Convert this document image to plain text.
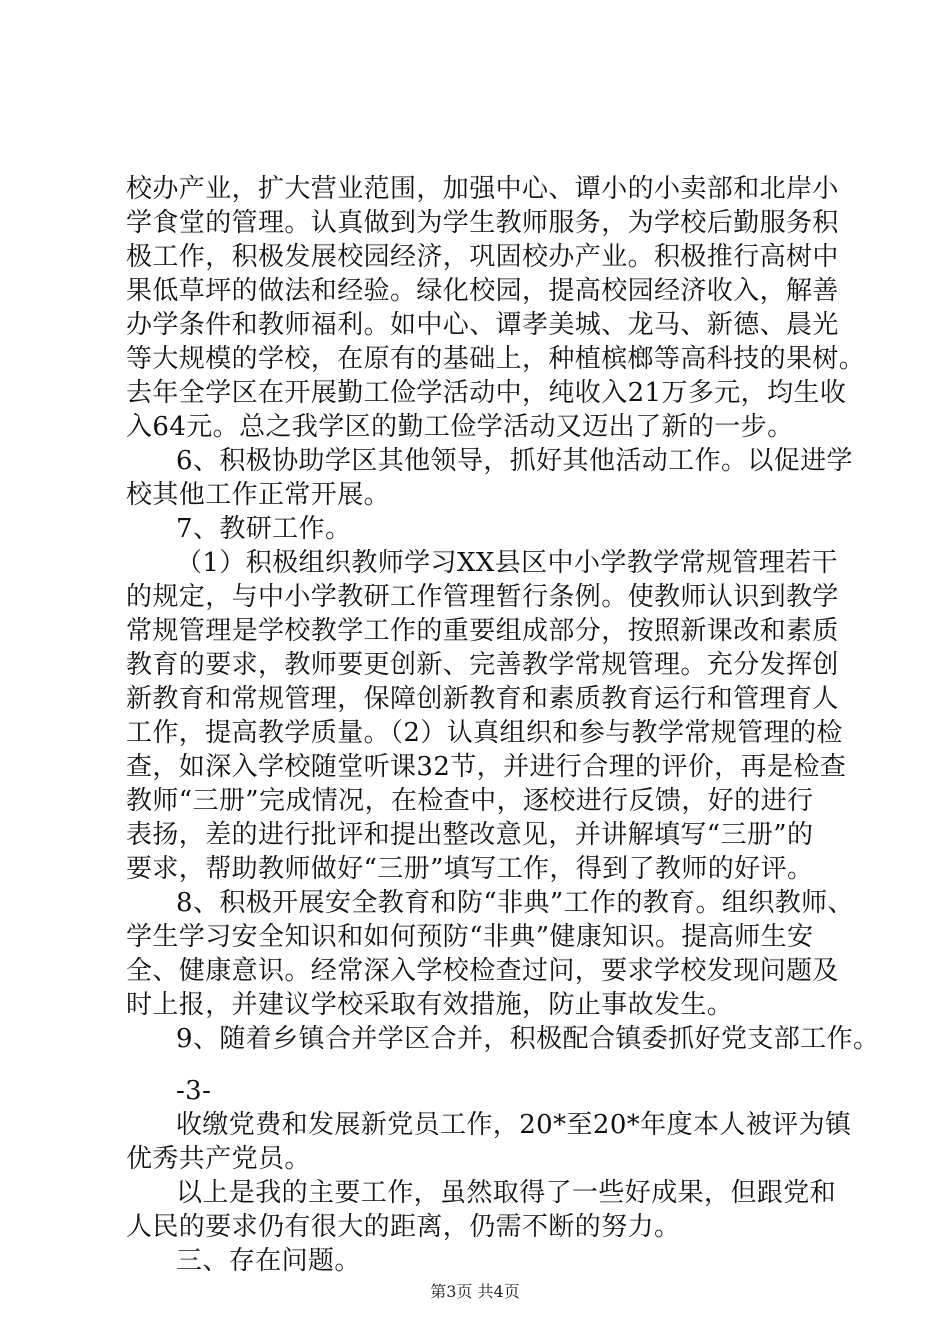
校办产业，扩大营业范围，加强中心、谭小的小卖部和北岸小
学食堂的管理。认真做到为学生教师服务，为学校后勤服务积
极工作，积极发展校园经济，巩固校办产业。积极推行高树中
果低草坪的做法和经验。绿化校园，提高校园经济收入，解善
办学条件和教师福利。如中心、谭孝美城、龙马、新德、晨光
等大规模的学校，在原有的基础上，种植槟榔等高科技的果树。
去年全学区在开展勤工俭学活动中，纯收入21万多元，均生收
入64元。总之我学区的勤工俭学活动又迈出了新的一步。
6、积极协助学区其他领导，抓好其他活动工作。以促进学
校其他工作正常开展。
7、教研工作。
（1）积极组织教师学习XX县区中小学教学常规管理若干
的规定，与中小学教研工作管理暂行条例。使教师认识到教学
常规管理是学校教学工作的重要组成部分，按照新课改和素质
教育的要求，教师要更创新、完善教学常规管理。充分发挥创
新教育和常规管理，保障创新教育和素质教育运行和管理育人
工作，提高教学质量。（2）认真组织和参与教学常规管理的检
查，如深入学校随堂听课32节，并进行合理的评价，再是检查
教师“三册”完成情况，在检查中，逐校进行反馈，好的进行
表扬，差的进行批评和提出整改意见，并讲解填写“三册”的
要求，帮助教师做好“三册”填写工作，得到了教师的好评。
8、积极开展安全教育和防“非典”工作的教育。组织教师、
学生学习安全知识和如何预防“非典”健康知识。提高师生安
全、健康意识。经常深入学校检查过问，要求学校发现问题及
时上报，并建议学校采取有效措施，防止事故发生。
9、随着乡镇合并学区合并，积极配合镇委抓好党支部工作。
-3-
收缴党费和发展新党员工作，20*至20*年度本人被评为镇
优秀共产党员。
以上是我的主要工作，虽然取得了一些好成果，但跟党和
人民的要求仍有很大的距离，仍需不断的努力。
三、存在问题。
第3页 共4页
